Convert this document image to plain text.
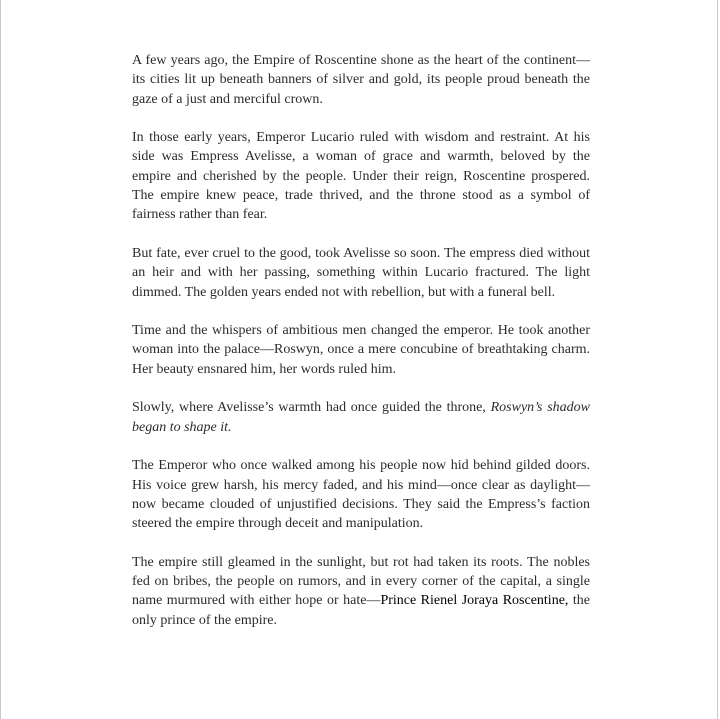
A few years ago, the Empire of Roscentine shone as the heart of the continent—its cities lit up beneath banners of silver and gold, its people proud beneath the gaze of a just and merciful crown.

In those early years, Emperor Lucario ruled with wisdom and restraint. At his side was Empress Avelisse, a woman of grace and warmth, beloved by the empire and cherished by the people. Under their reign, Roscentine prospered. The empire knew peace, trade thrived, and the throne stood as a symbol of fairness rather than fear.

But fate, ever cruel to the good, took Avelisse so soon. The empress died without an heir and with her passing, something within Lucario fractured. The light dimmed. The golden years ended not with rebellion, but with a funeral bell.

Time and the whispers of ambitious men changed the emperor. He took another woman into the palace—Roswyn, once a mere concubine of breathtaking charm. Her beauty ensnared him, her words ruled him.

Slowly, where Avelisse’s warmth had once guided the throne, Roswyn’s shadow began to shape it.

The Emperor who once walked among his people now hid behind gilded doors. His voice grew harsh, his mercy faded, and his mind—once clear as daylight—now became clouded of unjustified decisions. They said the Empress’s faction steered the empire through deceit and manipulation.

The empire still gleamed in the sunlight, but rot had taken its roots. The nobles fed on bribes, the people on rumors, and in every corner of the capital, a single name murmured with either hope or hate—Prince Rienel Joraya Roscentine, the only prince of the empire.
